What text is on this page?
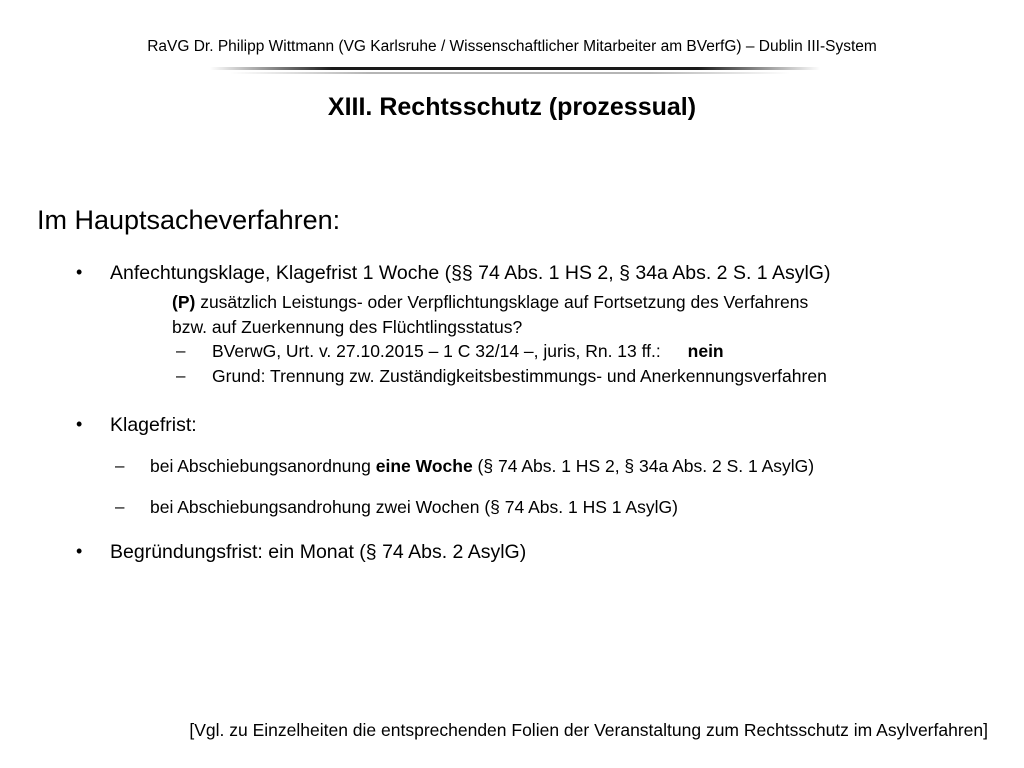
RaVG Dr. Philipp Wittmann (VG Karlsruhe / Wissenschaftlicher Mitarbeiter am BVerfG) – Dublin III-System
XIII. Rechtsschutz (prozessual)
Im Hauptsacheverfahren:
• Anfechtungsklage, Klagefrist 1 Woche (§§ 74 Abs. 1 HS 2, § 34a Abs. 2 S. 1 AsylG)
(P) zusätzlich Leistungs- oder Verpflichtungsklage auf Fortsetzung des Verfahrens
bzw. auf Zuerkennung des Flüchtlingsstatus?
– BVerwG, Urt. v. 27.10.2015 – 1 C 32/14 –, juris, Rn. 13 ff.: nein
– Grund: Trennung zw. Zuständigkeitsbestimmungs- und Anerkennungsverfahren
• Klagefrist:
– bei Abschiebungsanordnung eine Woche (§ 74 Abs. 1 HS 2, § 34a Abs. 2 S. 1 AsylG)
– bei Abschiebungsandrohung zwei Wochen (§ 74 Abs. 1 HS 1 AsylG)
• Begründungsfrist: ein Monat (§ 74 Abs. 2 AsylG)
[Vgl. zu Einzelheiten die entsprechenden Folien der Veranstaltung zum Rechtsschutz im Asylverfahren]
